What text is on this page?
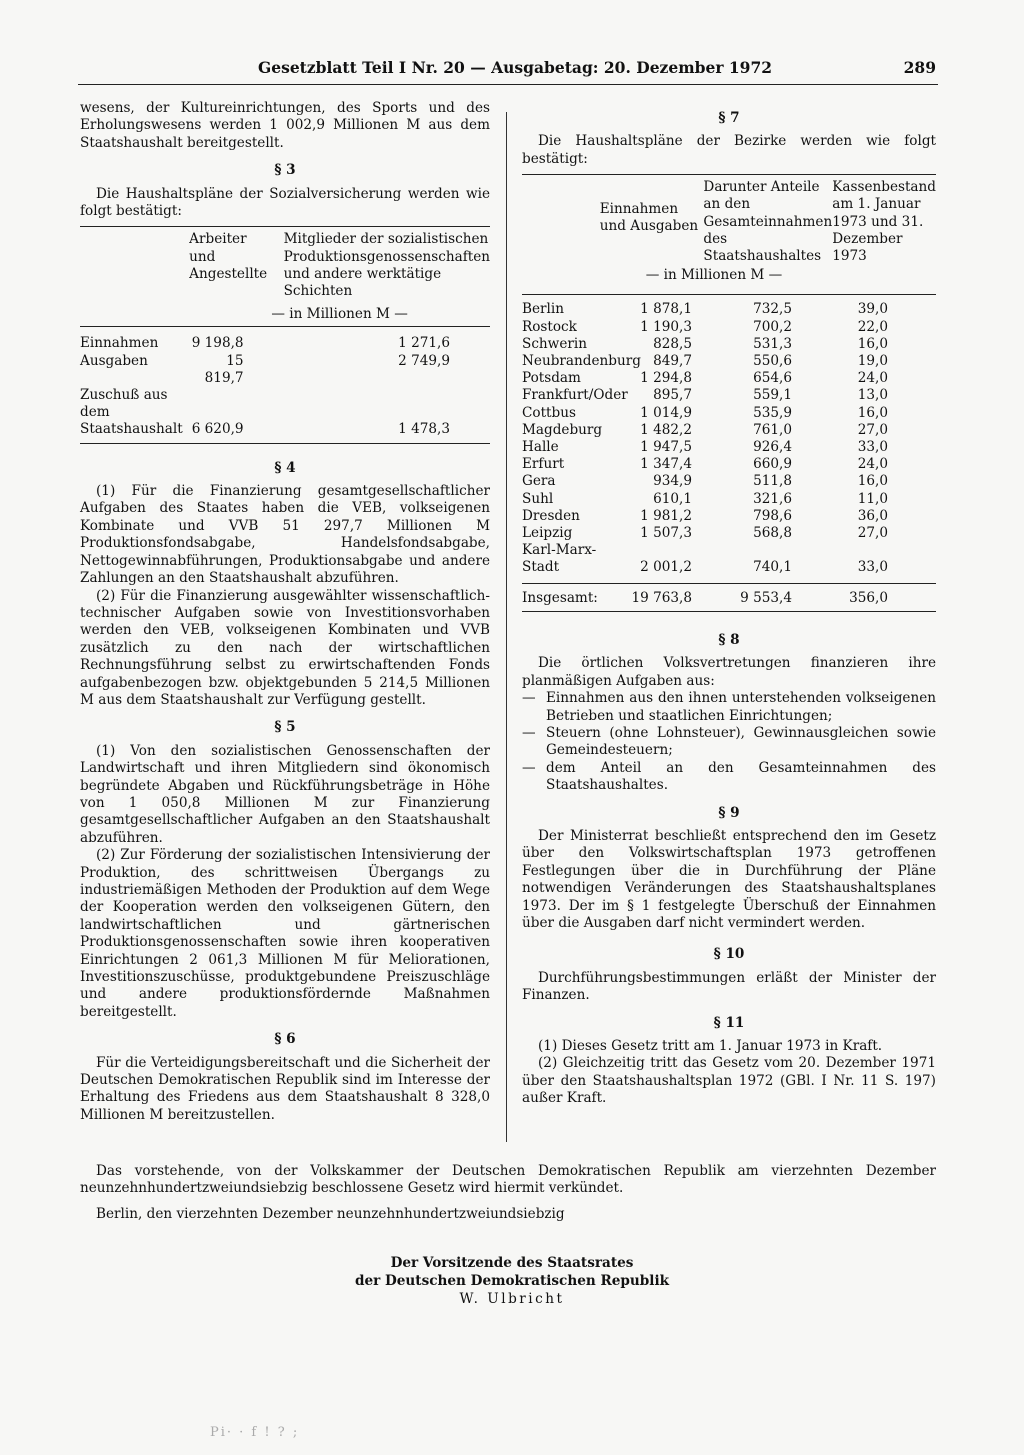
Gesetzblatt Teil I Nr. 20 — Ausgabetag: 20. Dezember 1972	289

wesens, der Kultureinrichtungen, des Sports und des Erholungswesens werden 1 002,9 Millionen M aus dem Staatshaushalt bereitgestellt.

§ 3

Die Haushaltspläne der Sozialversicherung werden wie folgt bestätigt:

	Arbeiter und Angestellte	Mitglieder der sozialistischen Produktionsgenossenschaften und andere werktätige Schichten
	— in Millionen M —	

Einnahmen	9 198,8	1 271,6
Ausgaben	15 819,7	2 749,9
Zuschuß aus dem Staatshaushalt	6 620,9	1 478,3
§ 4

(1) Für die Finanzierung gesamtgesellschaftlicher Aufgaben des Staates haben die VEB, volkseigenen Kombinate und VVB 51 297,7 Millionen M Produktionsfondsabgabe, Handelsfondsabgabe, Nettogewinnabführungen, Produktionsabgabe und andere Zahlungen an den Staatshaushalt abzuführen.

(2) Für die Finanzierung ausgewählter wissenschaftlich-technischer Aufgaben sowie von Investitionsvorhaben werden den VEB, volkseigenen Kombinaten und VVB zusätzlich zu den nach der wirtschaftlichen Rechnungsführung selbst zu erwirtschaftenden Fonds aufgabenbezogen bzw. objektgebunden 5 214,5 Millionen M aus dem Staatshaushalt zur Verfügung gestellt.

§ 5

(1) Von den sozialistischen Genossenschaften der Landwirtschaft und ihren Mitgliedern sind ökonomisch begründete Abgaben und Rückführungsbeträge in Höhe von 1 050,8 Millionen M zur Finanzierung gesamtgesellschaftlicher Aufgaben an den Staatshaushalt abzuführen.

(2) Zur Förderung der sozialistischen Intensivierung der Produktion, des schrittweisen Übergangs zu industriemäßigen Methoden der Produktion auf dem Wege der Kooperation werden den volkseigenen Gütern, den landwirtschaftlichen und gärtnerischen Produktionsgenossenschaften sowie ihren kooperativen Einrichtungen 2 061,3 Millionen M für Meliorationen, Investitionszuschüsse, produktgebundene Preiszuschläge und andere produktionsfördernde Maßnahmen bereitgestellt.

§ 6

Für die Verteidigungsbereitschaft und die Sicherheit der Deutschen Demokratischen Republik sind im Interesse der Erhaltung des Friedens aus dem Staatshaushalt 8 328,0 Millionen M bereitzustellen.

§ 7

Die Haushaltspläne der Bezirke werden wie folgt bestätigt:

	Einnahmen und Ausgaben	Darunter Anteile an den Gesamteinnahmen des Staatshaushaltes	Kassenbestand am 1. Januar 1973 und 31. Dezember 1973
	— in Millionen M —		

Berlin	1 878,1	732,5	39,0	
Rostock	1 190,3	700,2	22,0	
Schwerin	828,5	531,3	16,0	
Neubrandenburg	849,7	550,6	19,0	
Potsdam	1 294,8	654,6	24,0	
Frankfurt/Oder	895,7	559,1	13,0	
Cottbus	1 014,9	535,9	16,0	
Magdeburg	1 482,2	761,0	27,0	
Halle	1 947,5	926,4	33,0	
Erfurt	1 347,4	660,9	24,0	
Gera	934,9	511,8	16,0	
Suhl	610,1	321,6	11,0	
Dresden	1 981,2	798,6	36,0	
Leipzig	1 507,3	568,8	27,0	
Karl-Marx-Stadt	2 001,2	740,1	33,0	
Insgesamt:	19 763,8	9 553,4	356,0	
§ 8

Die örtlichen Volksvertretungen finanzieren ihre planmäßigen Aufgaben aus:

— Einnahmen aus den ihnen unterstehenden volkseigenen Betrieben und staatlichen Einrichtungen;
— Steuern (ohne Lohnsteuer), Gewinnausgleichen sowie Gemeindesteuern;
— dem Anteil an den Gesamteinnahmen des Staatshaushaltes.
§ 9

Der Ministerrat beschließt entsprechend den im Gesetz über den Volkswirtschaftsplan 1973 getroffenen Festlegungen über die in Durchführung der Pläne notwendigen Veränderungen des Staatshaushaltsplanes 1973. Der im § 1 festgelegte Überschuß der Einnahmen über die Ausgaben darf nicht vermindert werden.

§ 10

Durchführungsbestimmungen erläßt der Minister der Finanzen.

§ 11

(1) Dieses Gesetz tritt am 1. Januar 1973 in Kraft.

(2) Gleichzeitig tritt das Gesetz vom 20. Dezember 1971 über den Staatshaushaltsplan 1972 (GBl. I Nr. 11 S. 197) außer Kraft.

Das vorstehende, von der Volkskammer der Deutschen Demokratischen Republik am vierzehnten Dezember neunzehnhundertzweiundsiebzig beschlossene Gesetz wird hiermit verkündet.

Berlin, den vierzehnten Dezember neunzehnhundertzweiundsiebzig

Der Vorsitzende des Staatsrates
der Deutschen Demokratischen Republik
W. Ulbricht
Pi· · f ! ? ;
